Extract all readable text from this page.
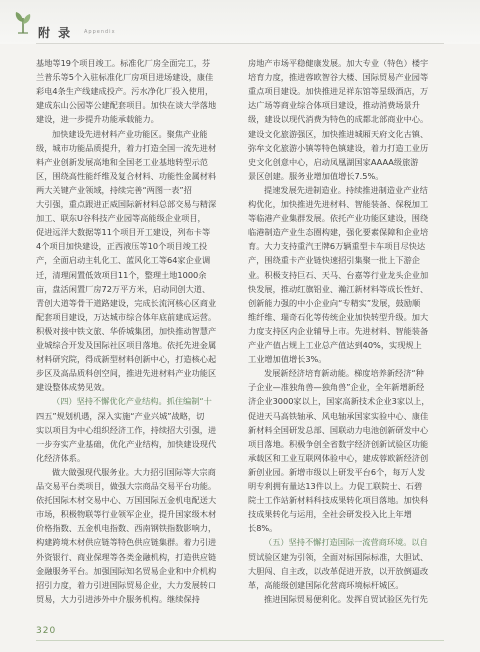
附 录 Appendix
基地等19个项目竣工。标准化厂房全面完工，芬
兰普乐等5个入驻标准化厂房项目进场建设，康佳
彩电4条生产线建成投产。污水净化厂投入使用，
建成东山公园等公建配套项目。加快在谈大学落地
建设，进一步提升功能承载能力。
加快建设先进材料产业功能区。聚焦产业能
级，城市功能品质提升，着力打造全国一流先进材
料产业创新发展高地和全国老工业基地转型示范
区，围绕高性能纤维及复合材料、功能性金属材料
两大关键产业领域，持续完善“两图一表”招
大引强，重点跟进正威国际新材料总部交易与精深
加工、联东U谷科技产业园等高能级企业项目，
促进远洋大数据等11个项目开工建设，列布卡等
4个项目加快建设，正西液压等10个项目竣工投
产，全面启动主轧化工、蓝风化工等64家企业调
迁，清理闲置低效项目11个，整理土地1000余
亩，盘活闲置厂房72万平方米，启动同创大道、
青创大道等骨干道路建设，完成长流河核心区商业
配套项目建设，万达城市综合体年底前建成运营。
积极对接中铁文旅、华侨城集团，加快推动智慧产
业城综合开发及国际社区项目落地。依托先进金属
材料研究院，得成新型材料创新中心，打造核心起
步区及高品质科创空间，推进先进材料产业功能区
建设整体成势见效。
（四）坚持不懈优化产业结构。抓住编制“十
四五”规划机遇，深入实施“产业兴城”战略，切
实以项目为中心组织经济工作，持续招大引强，进
一步夯实产业基础，优化产业结构，加快建设现代
化经济体系。
做大做强现代服务业。大力招引国际等大宗商
品交易平台类项目，做强大宗商品交易平台功能。
依托国际木材交易中心、万国国际五金机电配送大
市场，积极物联等行业领军企业，提升国家级木材
价格指数、五金机电指数、西南钢铁指数影响力，
构建跨境木材供应链等特色供应链集群。着力引进
外资银行、商业保理等各类金融机构，打造供应链
金融服务平台。加强国际知名贸易企业和中介机构
招引力度，着力引进国际贸易企业，大力发展转口
贸易，大力引进涉外中介服务机构。继续保持
房地产市场平稳健康发展。加大专业（特色）楼宇
培育力度，推进蓉欧智谷大楼、国际贸易产业园等
重点项目建设。加快推进足祥东馆等星级酒店，万
达广场等商业综合体项目建设，推动消费场景升
级，建设以现代消费为特色的成都北部商业中心。
建设文化旅游强区，加快推进城厢天府文化古镇、
弥牟文化旅游小镇等特色镇建设，着力打造工业历
史文化创意中心，启动凤凰湖国家AAAA级旅游
景区创建。服务业增加值增长7.5%。
提速发展先进制造业。持续推进制造业产业结
构优化，加快推进先进材料、智能装备、保税加工
等临港产业集群发展。依托产业功能区建设，围绕
临港制造产业生态圈构建，强化要素保障和企业培
育。大力支持重汽王牌6万辆重型卡车项目尽快达
产，围绕重卡产业链快速招引集聚一批上下游企
业。积极支持巨石、天马、台嘉等行业龙头企业加
快发展，推动红旗铝业、瀚江新材料等成长性好、
创新能力强的中小企业向“专精实”发展，鼓励顺
维纤维、瑞奇石化等传统企业加快转型升级。加大
力度支持区内企业辅导上市。先进材料、智能装备
产业产值占规上工业总产值达到40%，实现规上
工业增加值增长3%。
发展新经济培育新动能。梯度培养新经济“种
子企业—准独角兽—独角兽”企业，全年新增新经
济企业3000家以上，国家高新技术企业3家以上，
促进天马高铁轴承、风电轴承国家实验中心、康佳
新材料全国研发总部、国联动力电池创新研发中心
项目落地。积极争创全省数字经济创新试验区功能
承载区和工业互联网体验中心，建成蓉欧新经济创
新创业园。新增市级以上研发平台6个，每万人发
明专利拥有量达13件以上。力促工联院士、石碧
院士工作站新材料科技成果转化项目落地。加快科
技成果转化与运用，全社会研发投入比上年增
长8%。
（五）坚持不懈打造国际一流营商环境。以自
贸试验区建为引领，全面对标国际标准，大胆试、
大胆闯、自主改，以改革促进开放，以开放倒逼改
革，高能级创建国际化营商环境标杆城区。
推进国际贸易便利化。发挥自贸试验区先行先
320
